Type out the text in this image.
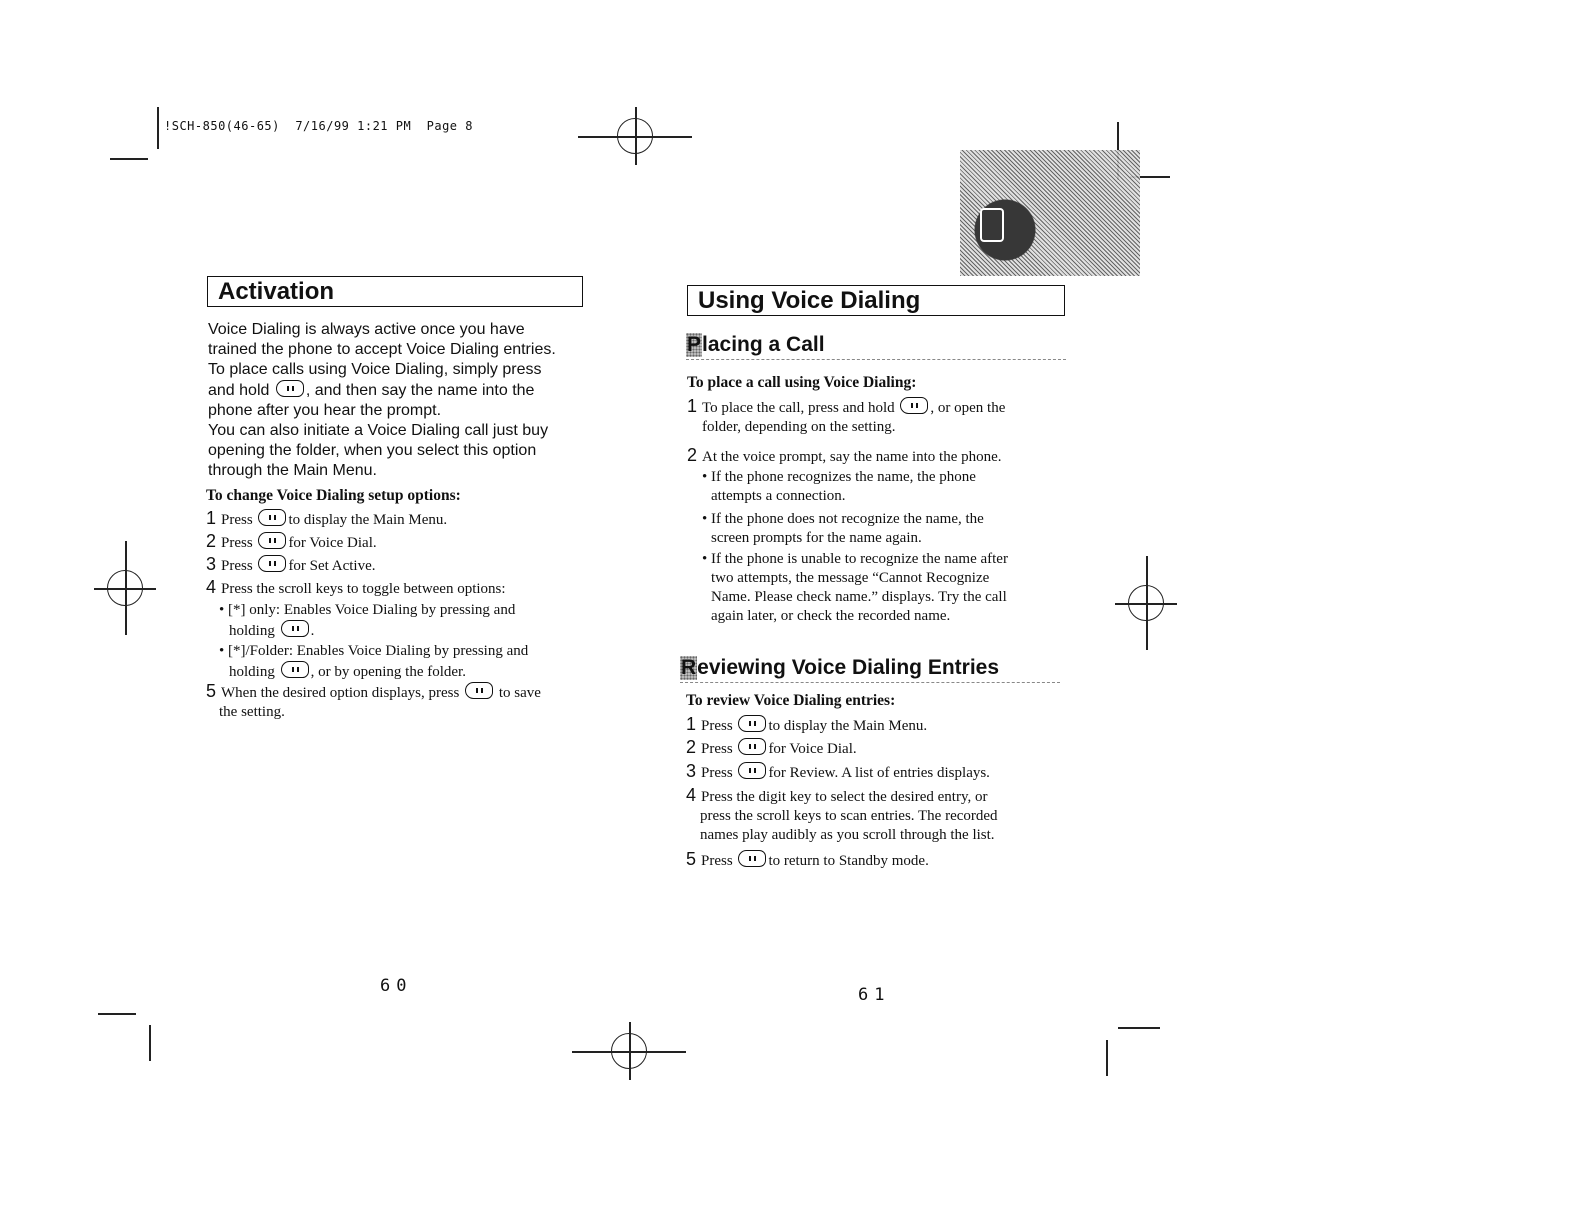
!SCH-850(46-65)  7/16/99 1:21 PM  Page 8
Activation
Voice Dialing is always active once you have
trained the phone to accept Voice Dialing entries.
To place calls using Voice Dialing, simply press
and hold , and then say the name into the
phone after you hear the prompt.
You can also initiate a Voice Dialing call just buy
opening the folder, when you select this option
through the Main Menu.
To change Voice Dialing setup options:
1 Press to display the Main Menu.
2 Press for Voice Dial.
3 Press for Set Active.
4 Press the scroll keys to toggle between options:
• [*] only: Enables Voice Dialing by pressing and
holding .
• [*]/Folder: Enables Voice Dialing by pressing and
holding , or by opening the folder.
5 When the desired option displays, press	to save
the setting.
60
Using Voice Dialing
Placing a Call
To place a call using Voice Dialing:
1 To place the call, press and hold , or open the
folder, depending on the setting.
2 At the voice prompt, say the name into the phone.
• If the phone recognizes the name, the phone
attempts a connection.
• If the phone does not recognize the name, the
screen prompts for the name again.
• If the phone is unable to recognize the name after
two attempts, the message “Cannot Recognize
Name. Please check name.” displays. Try the call
again later, or check the recorded name.
Reviewing Voice Dialing Entries
To review Voice Dialing entries:
1 Press to display the Main Menu.
2 Press for Voice Dial.
3 Press for Review. A list of entries displays.
4 Press the digit key to select the desired entry, or
press the scroll keys to scan entries. The recorded
names play audibly as you scroll through the list.
5 Press to return to Standby mode.
61
